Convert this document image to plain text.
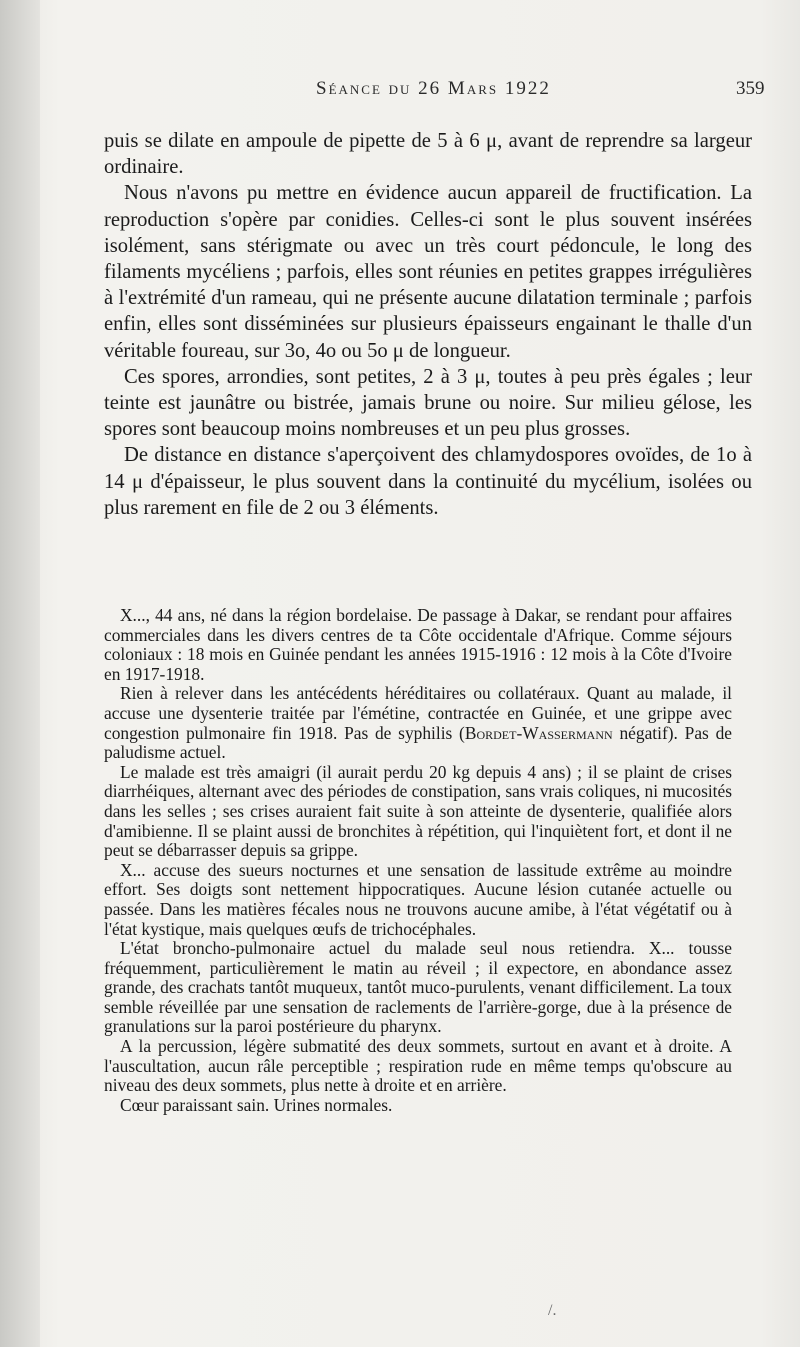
Séance du 26 Mars 1922	359

puis se dilate en ampoule de pipette de 5 à 6 μ, avant de reprendre sa largeur ordinaire.

Nous n'avons pu mettre en évidence aucun appareil de fructification. La reproduction s'opère par conidies. Celles-ci sont le plus souvent insérées isolément, sans stérigmate ou avec un très court pédoncule, le long des filaments mycéliens ; parfois, elles sont réunies en petites grappes irrégulières à l'extrémité d'un rameau, qui ne présente aucune dilatation terminale ; parfois enfin, elles sont disséminées sur plusieurs épaisseurs engainant le thalle d'un véritable foureau, sur 3o, 4o ou 5o μ de longueur.

Ces spores, arrondies, sont petites, 2 à 3 μ, toutes à peu près égales ; leur teinte est jaunâtre ou bistrée, jamais brune ou noire. Sur milieu gélose, les spores sont beaucoup moins nombreuses et un peu plus grosses.

De distance en distance s'aperçoivent des chlamydospores ovoïdes, de 1o à 14 μ d'épaisseur, le plus souvent dans la continuité du mycélium, isolées ou plus rarement en file de 2 ou 3 éléments.

X..., 44 ans, né dans la région bordelaise. De passage à Dakar, se rendant pour affaires commerciales dans les divers centres de ta Côte occidentale d'Afrique. Comme séjours coloniaux : 18 mois en Guinée pendant les années 1915-1916 : 12 mois à la Côte d'Ivoire en 1917-1918.

Rien à relever dans les antécédents héréditaires ou collatéraux. Quant au malade, il accuse une dysenterie traitée par l'émétine, contractée en Guinée, et une grippe avec congestion pulmonaire fin 1918. Pas de syphilis (Bordet-Wassermann négatif). Pas de paludisme actuel.

Le malade est très amaigri (il aurait perdu 20 kg depuis 4 ans) ; il se plaint de crises diarrhéiques, alternant avec des périodes de constipation, sans vrais coliques, ni mucosités dans les selles ; ses crises auraient fait suite à son atteinte de dysenterie, qualifiée alors d'amibienne. Il se plaint aussi de bronchites à répétition, qui l'inquiètent fort, et dont il ne peut se débarrasser depuis sa grippe.

X... accuse des sueurs nocturnes et une sensation de lassitude extrême au moindre effort. Ses doigts sont nettement hippocratiques. Aucune lésion cutanée actuelle ou passée. Dans les matières fécales nous ne trouvons aucune amibe, à l'état végétatif ou à l'état kystique, mais quelques œufs de trichocéphales.

L'état broncho-pulmonaire actuel du malade seul nous retiendra. X... tousse fréquemment, particulièrement le matin au réveil ; il expectore, en abondance assez grande, des crachats tantôt muqueux, tantôt muco-purulents, venant difficilement. La toux semble réveillée par une sensation de raclements de l'arrière-gorge, due à la présence de granulations sur la paroi postérieure du pharynx.

A la percussion, légère submatité des deux sommets, surtout en avant et à droite. A l'auscultation, aucun râle perceptible ; respiration rude en même temps qu'obscure au niveau des deux sommets, plus nette à droite et en arrière.

Cœur paraissant sain. Urines normales.

/.
